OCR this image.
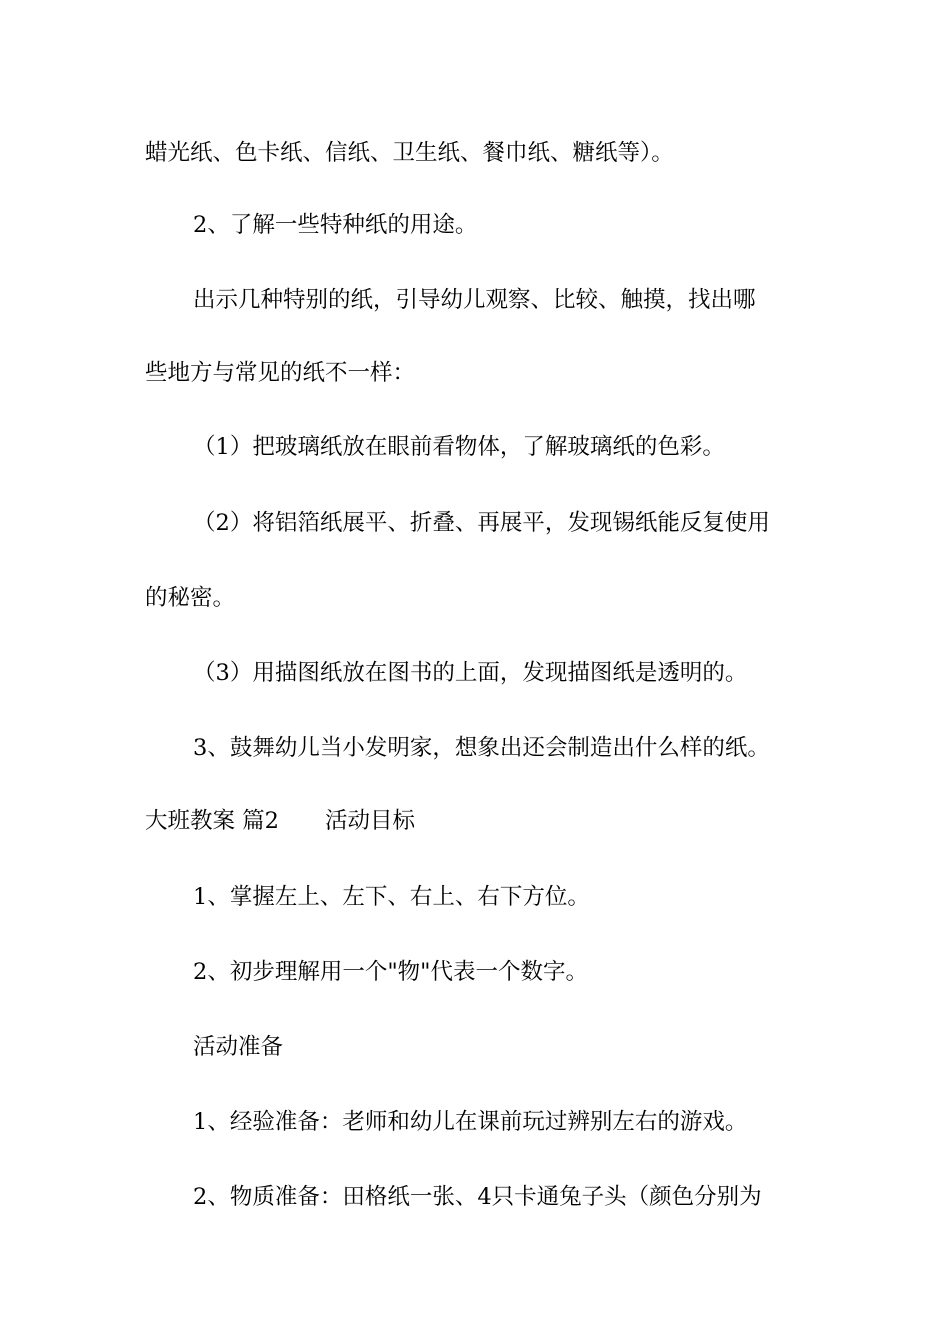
蜡光纸、色卡纸、信纸、卫生纸、餐巾纸、糖纸等）。
2、了解一些特种纸的用途。
出示几种特别的纸，引导幼儿观察、比较、触摸，找出哪
些地方与常见的纸不一样：
（1）把玻璃纸放在眼前看物体，了解玻璃纸的色彩。
（2）将铝箔纸展平、折叠、再展平，发现锡纸能反复使用
的秘密。
（3）用描图纸放在图书的上面，发现描图纸是透明的。
3、鼓舞幼儿当小发明家，想象出还会制造出什么样的纸。
大班教案 篇2 活动目标
1、掌握左上、左下、右上、右下方位。
2、初步理解用一个"物"代表一个数字。
活动准备
1、经验准备：老师和幼儿在课前玩过辨别左右的游戏。
2、物质准备：田格纸一张、4只卡通兔子头（颜色分别为
